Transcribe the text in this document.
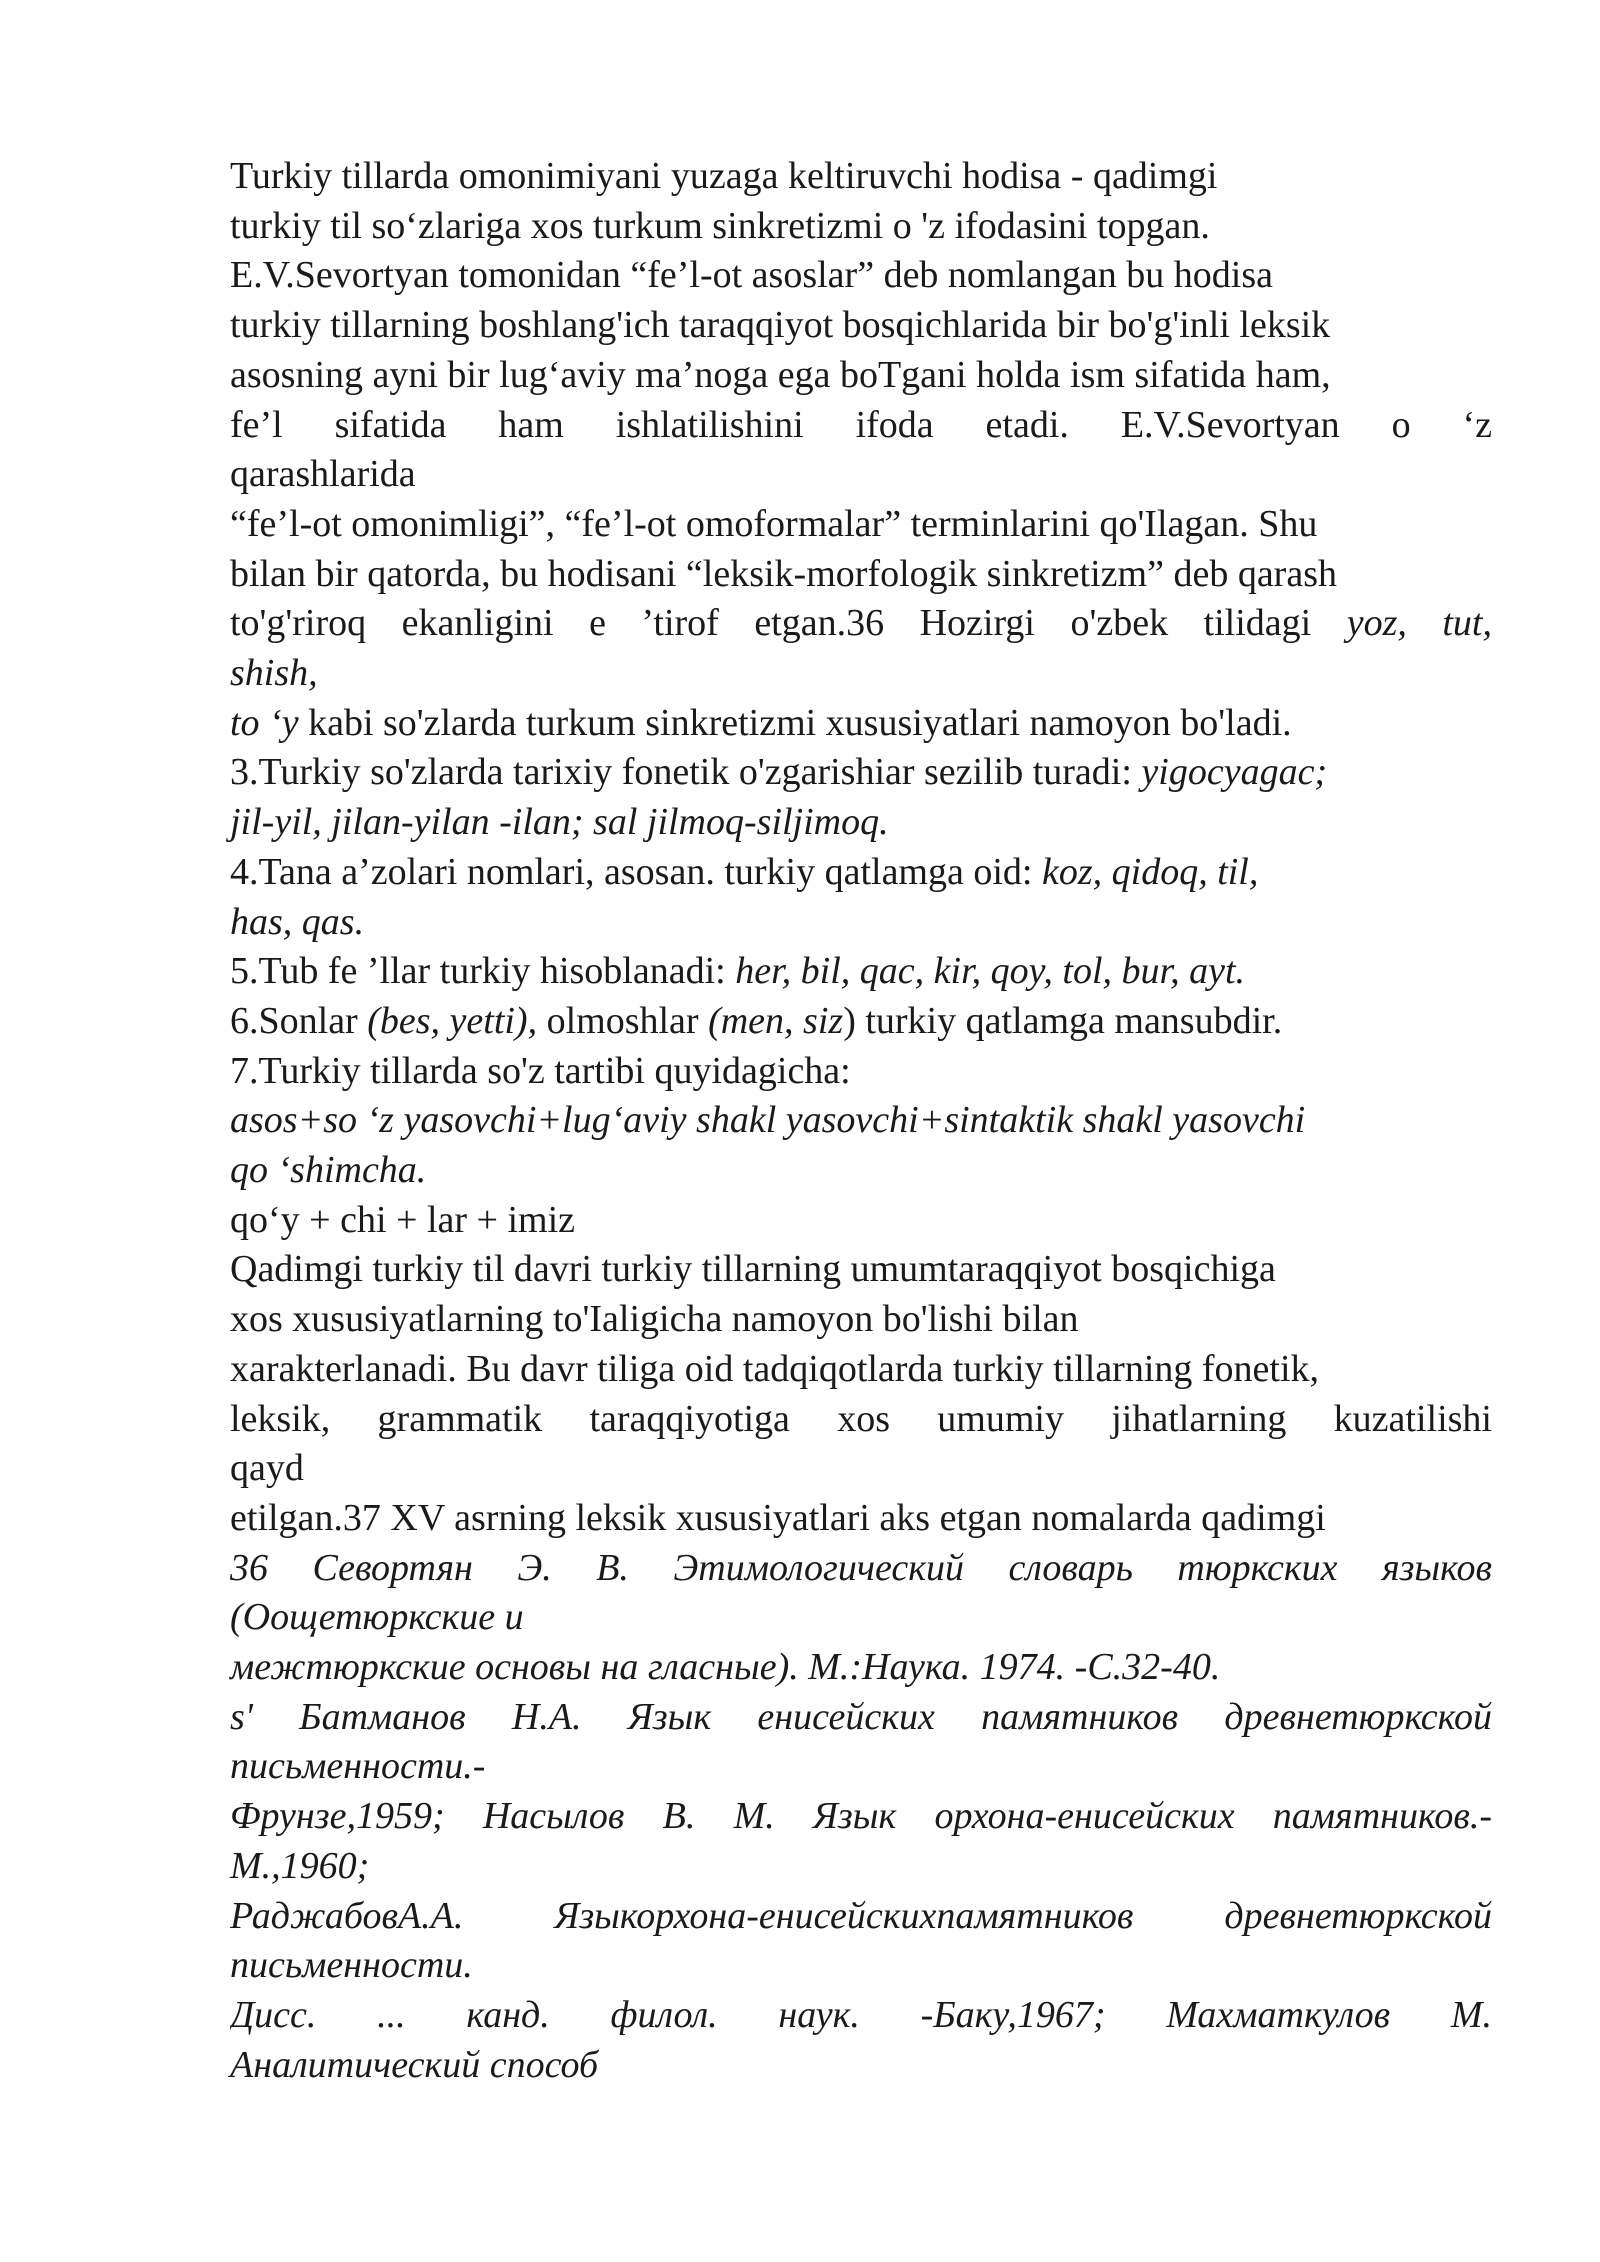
Turkiy tillarda omonimiyani yuzaga keltiruvchi hodisa - qadimgi
turkiy til so‘zlariga xos turkum sinkretizmi o 'z ifodasini topgan.
E.V.Sevortyan tomonidan “fe’l-ot asoslar” deb nomlangan bu hodisa
turkiy tillarning boshlang'ich taraqqiyot bosqichlarida bir bo'g'inli leksik
asosning ayni bir lug‘aviy ma’noga ega boTgani holda ism sifatida ham,
fe’l sifatida ham ishlatilishini ifoda etadi. E.V.Sevortyan o ‘z
qarashlarida
“fe’l-ot omonimligi”, “fe’l-ot omoformalar” terminlarini qo'Ilagan. Shu
bilan bir qatorda, bu hodisani “leksik-morfologik sinkretizm” deb qarash
to'g'riroq ekanligini e ’tirof etgan.36 Hozirgi o'zbek tilidagi yoz, tut,
shish,
to ‘y kabi so'zlarda turkum sinkretizmi xususiyatlari namoyon bo'ladi.
3.Turkiy so'zlarda tarixiy fonetik o'zgarishiar sezilib turadi: yigocyagac;
jil-yil, jilan-yilan -ilan; sal jilmoq-siljimoq.
4.Tana a’zolari nomlari, asosan. turkiy qatlamga oid: koz, qidoq, til,
has, qas.
5.Tub fe ’llar turkiy hisoblanadi: her, bil, qac, kir, qoy, tol, bur, ayt.
6.Sonlar (bes, yetti), olmoshlar (men, siz) turkiy qatlamga mansubdir.
7.Turkiy tillarda so'z tartibi quyidagicha:
asos+so ‘z yasovchi+lug‘aviy shakl yasovchi+sintaktik shakl yasovchi
qo ‘shimcha.
qo‘y + chi + lar + imiz
Qadimgi turkiy til davri turkiy tillarning umumtaraqqiyot bosqichiga
xos xususiyatlarning to'Ialigicha namoyon bo'lishi bilan
xarakterlanadi. Bu davr tiliga oid tadqiqotlarda turkiy tillarning fonetik,
leksik, grammatik taraqqiyotiga xos umumiy jihatlarning kuzatilishi
qayd
etilgan.37 XV asrning leksik xususiyatlari aks etgan nomalarda qadimgi
36 Севортян Э. В. Этимологический словарь тюркских языков
(Оощетюркские и
межтюркские основы на гласные). М.:Наука. 1974. -С.32-40.
s' Батманов Н.А. Язык енисейских памятников древнетюркской
письменности.-
Фрунзе,1959; Насылов В. М. Язык орхона-енисейских памятников.-
М.,1960;
РаджабовА.А. Языкорхона-енисейскихпамятников древнетюркской
письменности.
Дисс. ... канд. филол. наук. -Баку,1967; Махматкулов М.
Аналитический способ
